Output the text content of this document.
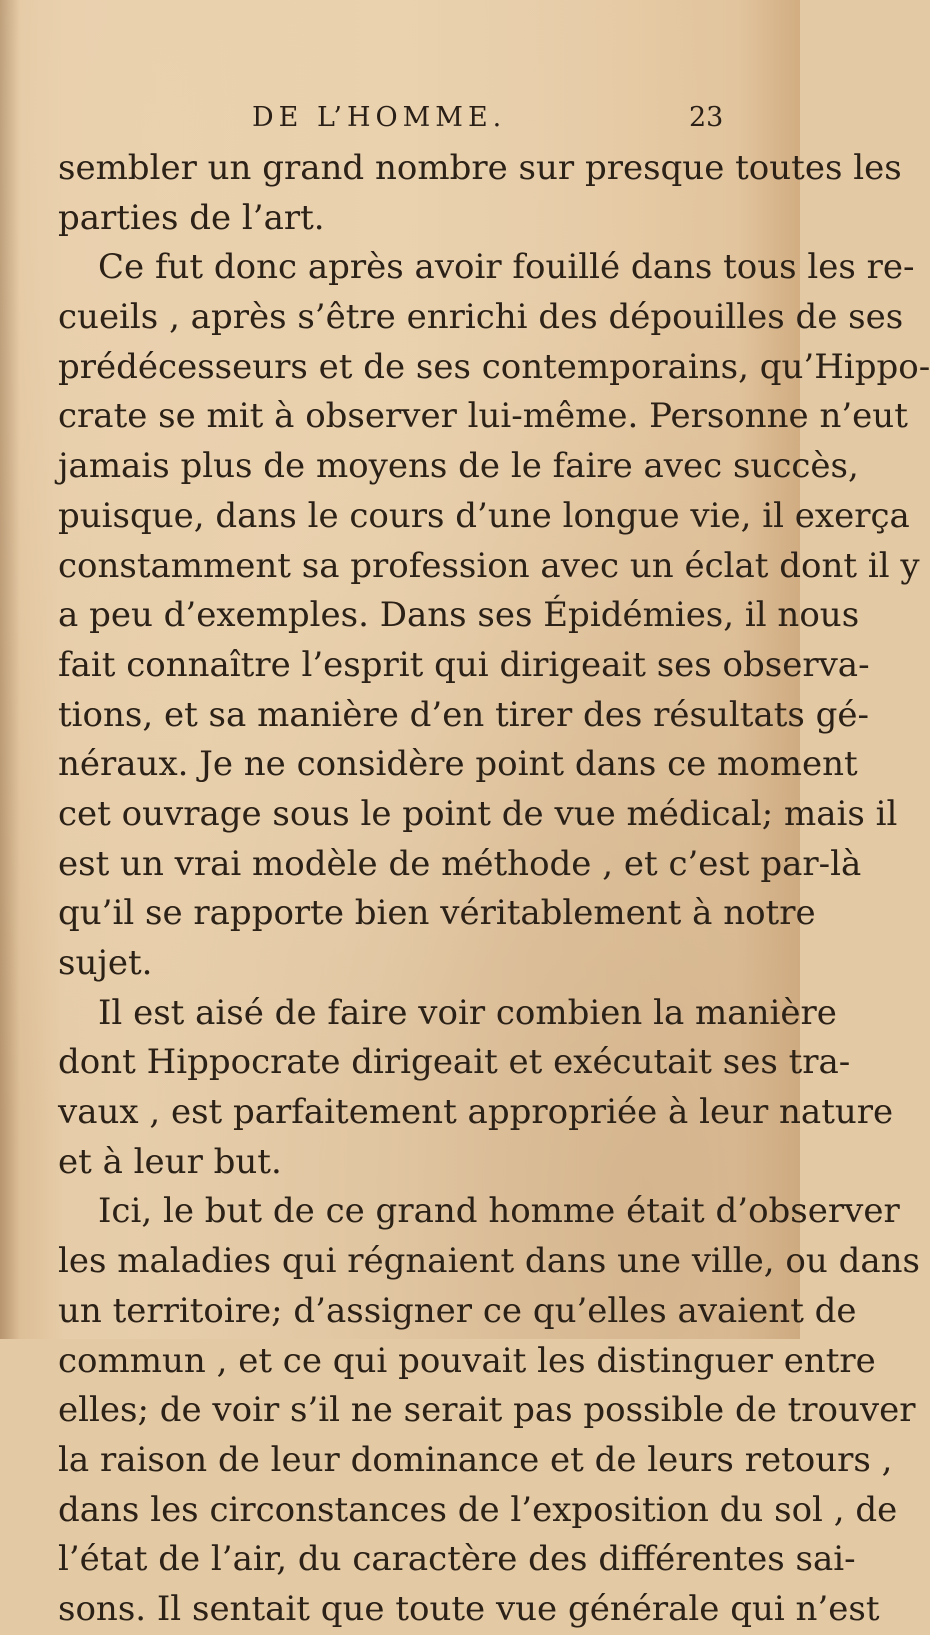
DE L’HOMME.	23
sembler un grand nombre sur presque toutes les
parties de l’art.
Ce fut donc après avoir fouillé dans tous les re-
cueils , après s’être enrichi des dépouilles de ses
prédécesseurs et de ses contemporains, qu’Hippo-
crate se mit à observer lui-même. Personne n’eut
jamais plus de moyens de le faire avec succès,
puisque, dans le cours d’une longue vie, il exerça
constamment sa profession avec un éclat dont il y
a peu d’exemples. Dans ses Épidémies, il nous
fait connaître l’esprit qui dirigeait ses observa-
tions, et sa manière d’en tirer des résultats gé-
néraux. Je ne considère point dans ce moment
cet ouvrage sous le point de vue médical; mais il
est un vrai modèle de méthode , et c’est par-là
qu’il se rapporte bien véritablement à notre
sujet.
Il est aisé de faire voir combien la manière
dont Hippocrate dirigeait et exécutait ses tra-
vaux , est parfaitement appropriée à leur nature
et à leur but.
Ici, le but de ce grand homme était d’observer
les maladies qui régnaient dans une ville, ou dans
un territoire; d’assigner ce qu’elles avaient de
commun , et ce qui pouvait les distinguer entre
elles; de voir s’il ne serait pas possible de trouver
la raison de leur dominance et de leurs retours ,
dans les circonstances de l’exposition du sol , de
l’état de l’air, du caractère des différentes sai-
sons. Il sentait que toute vue générale qui n’est
